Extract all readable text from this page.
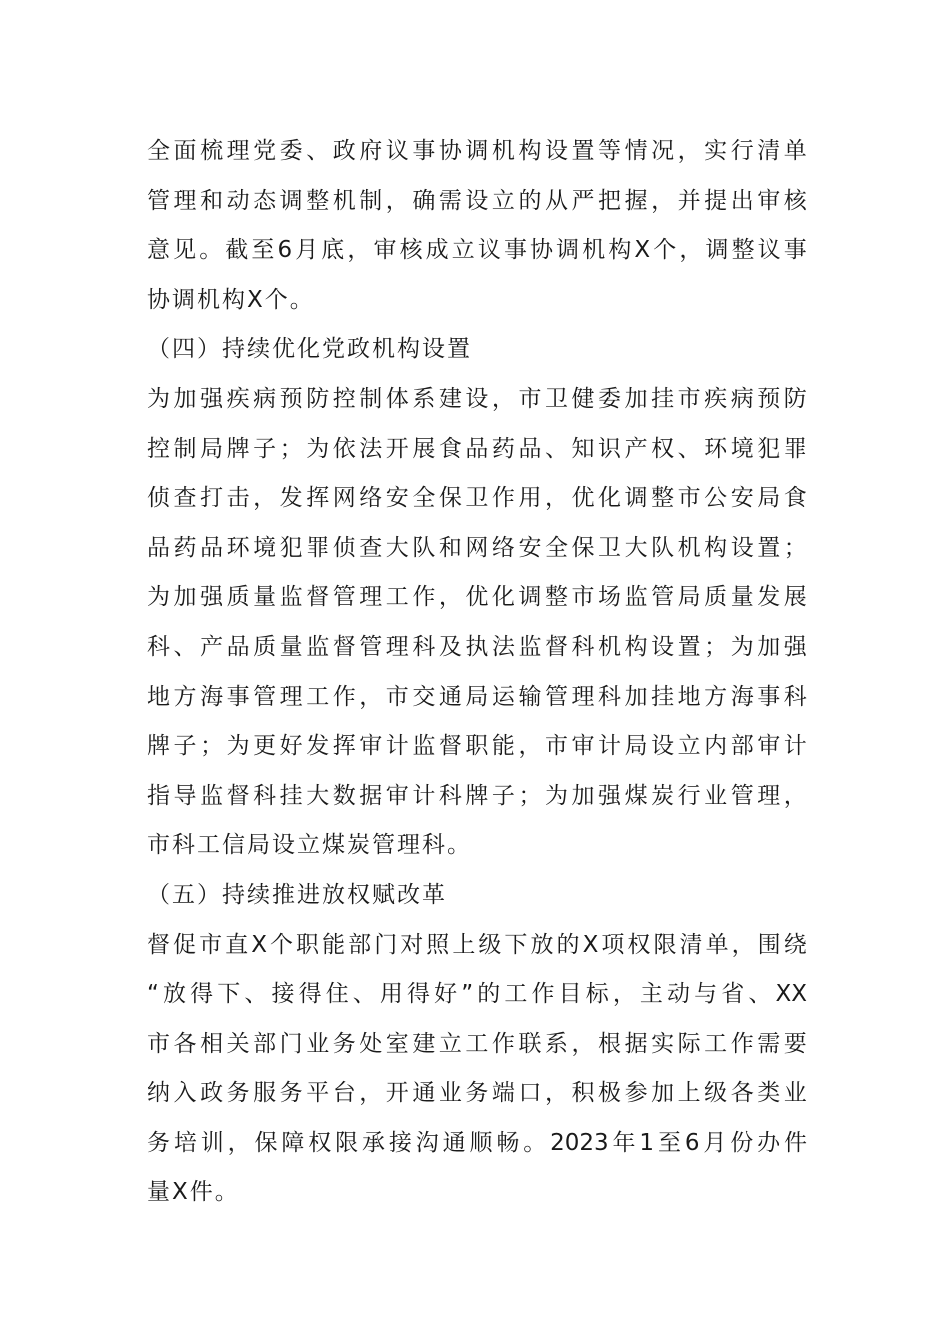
全 面 梳 理 党 委 、 政 府 议 事 协 调 机 构 设 置 等 情 况 ， 实 行 清 单
管 理 和 动 态 调 整 机 制 ， 确 需 设 立 的 从 严 把 握 ， 并 提 出 审 核
意 见 。 截 至 6 月 底 ， 审 核 成 立 议 事 协 调 机 构 X 个 ， 调 整 议 事
协调机构X个。
（四）持续优化党政机构设置
为 加 强 疾 病 预 防 控 制 体 系 建 设 ， 市 卫 健 委 加 挂 市 疾 病 预 防
控 制 局 牌 子 ； 为 依 法 开 展 食 品 药 品 、 知 识 产 权 、 环 境 犯 罪
侦 查 打 击 ， 发 挥 网 络 安 全 保 卫 作 用 ， 优 化 调 整 市 公 安 局 食
品 药 品 环 境 犯 罪 侦 查 大 队 和 网 络 安 全 保 卫 大 队 机 构 设 置 ；
为 加 强 质 量 监 督 管 理 工 作 ， 优 化 调 整 市 场 监 管 局 质 量 发 展
科 、 产 品 质 量 监 督 管 理 科 及 执 法 监 督 科 机 构 设 置 ； 为 加 强
地 方 海 事 管 理 工 作 ， 市 交 通 局 运 输 管 理 科 加 挂 地 方 海 事 科
牌 子 ； 为 更 好 发 挥 审 计 监 督 职 能 ， 市 审 计 局 设 立 内 部 审 计
指 导 监 督 科 挂 大 数 据 审 计 科 牌 子 ； 为 加 强 煤 炭 行 业 管 理 ，
市科工信局设立煤炭管理科。
（五）持续推进放权赋改革
督 促 市 直 X 个 职 能 部 门 对 照 上 级 下 放 的 X 项 权 限 清 单 ， 围 绕
“ 放 得 下 、 接 得 住 、 用 得 好 ” 的 工 作 目 标 ， 主 动 与 省 、 XX
市 各 相 关 部 门 业 务 处 室 建 立 工 作 联 系 ， 根 据 实 际 工 作 需 要
纳 入 政 务 服 务 平 台 ， 开 通 业 务 端 口 ， 积 极 参 加 上 级 各 类 业
务 培 训 ， 保 障 权 限 承 接 沟 通 顺 畅 。 2023 年 1 至 6 月 份 办 件
量X件。
